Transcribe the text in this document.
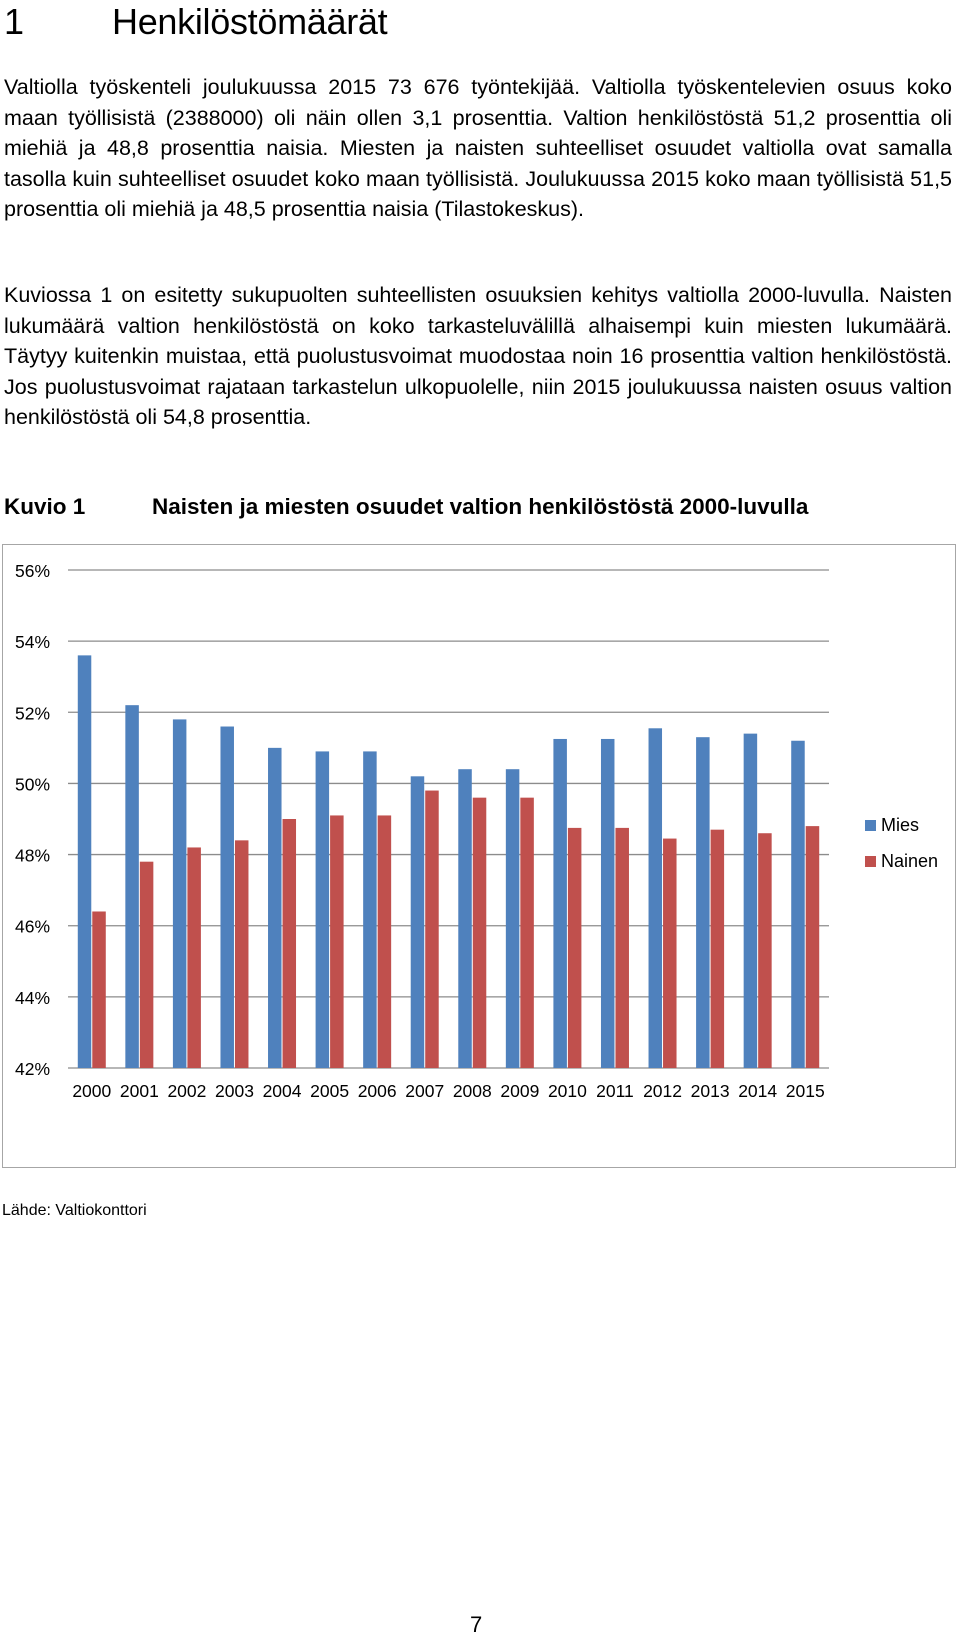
1 Henkilöstömäärät

Valtiolla työskenteli joulukuussa 2015 73 676 työntekijää. Valtiolla työskentelevien osuus koko maan työllisistä (2388000) oli näin ollen 3,1 prosenttia. Valtion henkilöstöstä 51,2 prosenttia oli miehiä ja 48,8 prosenttia naisia. Miesten ja naisten suhteelliset osuudet valtiolla ovat samalla tasolla kuin suhteelliset osuudet koko maan työllisistä. Joulukuussa 2015 koko maan työllisistä 51,5 prosenttia oli miehiä ja 48,5 prosenttia naisia (Tilastokeskus).

Kuviossa 1 on esitetty sukupuolten suhteellisten osuuksien kehitys valtiolla 2000-luvulla. Naisten lukumäärä valtion henkilöstöstä on koko tarkasteluvälillä alhaisempi kuin miesten lukumäärä. Täytyy kuitenkin muistaa, että puolustusvoimat muodostaa noin 16 prosenttia valtion henkilöstöstä. Jos puolustusvoimat rajataan tarkastelun ulkopuolelle, niin 2015 joulukuussa naisten osuus valtion henkilöstöstä oli 54,8 prosenttia.

Kuvio 1	Naisten ja miesten osuudet valtion henkilöstöstä 2000-luvulla
42%
44%
46%
48%
50%
52%
54%
56%
2000 2001 2002 2003 2004 2005 2006 2007 2008 2009 2010 2011 2012 2013 2014 2015
Mies
Nainen
Lähde: Valtiokonttori
7
